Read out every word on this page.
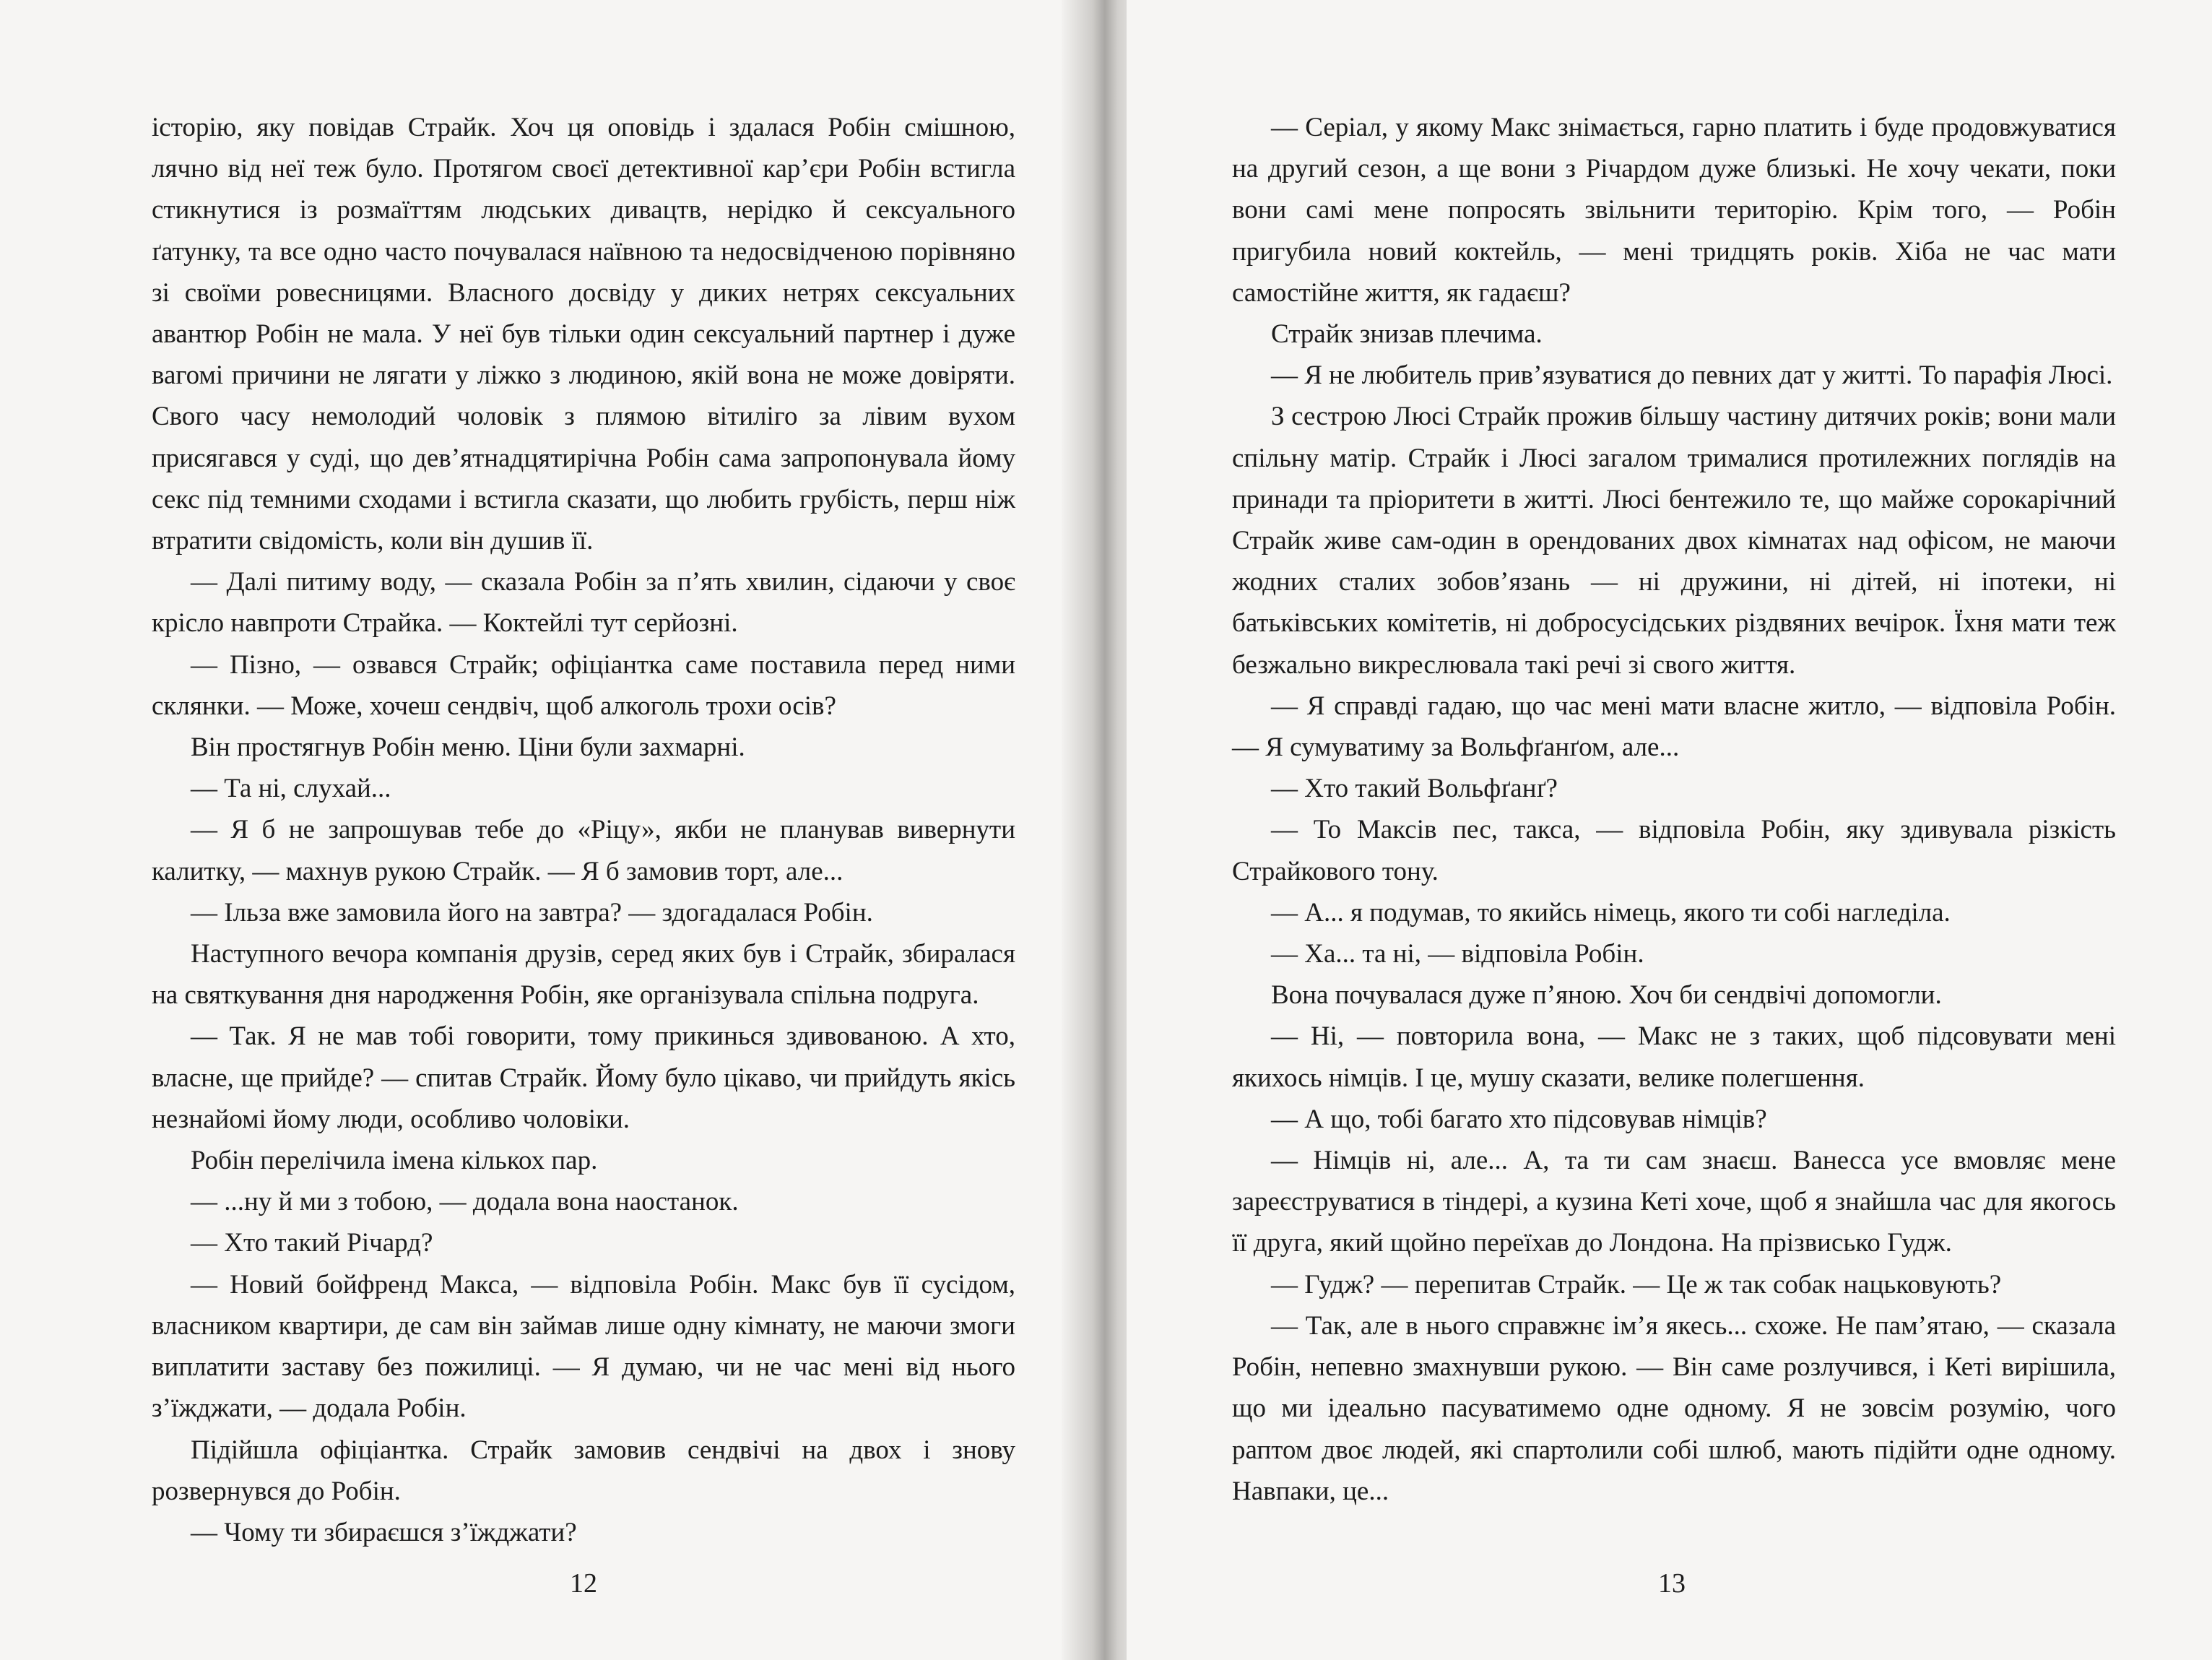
історію, яку повідав Страйк. Хоч ця оповідь і здалася Робін смішною, лячно від неї теж було. Протягом своєї детективної кар’єри Робін встигла стикнутися із розмаїттям людських дивацтв, нерідко й сексуального ґатунку, та все одно часто почувалася наївною та недосвідченою порівняно зі своїми ровесницями. Власного досвіду у диких нетрях сексуальних авантюр Робін не мала. У неї був тільки один сексуальний партнер і дуже вагомі причини не лягати у ліжко з людиною, якій вона не може довіряти. Свого часу немолодий чоловік з плямою вітиліго за лівим вухом присягався у суді, що дев’ятнадцятирічна Робін сама запропонувала йому секс під темними сходами і встигла сказати, що любить грубість, перш ніж втратити свідомість, коли він душив її.

— Далі питиму воду, — сказала Робін за п’ять хвилин, сідаючи у своє крісло навпроти Страйка. — Коктейлі тут серйозні.

— Пізно, — озвався Страйк; офіціантка саме поставила перед ними склянки. — Може, хочеш сендвіч, щоб алкоголь трохи осів?

Він простягнув Робін меню. Ціни були захмарні.

— Та ні, слухай...

— Я б не запрошував тебе до «Ріцу», якби не планував вивернути калитку, — махнув рукою Страйк. — Я б замовив торт, але...

— Ільза вже замовила його на завтра? — здогадалася Робін.

Наступного вечора компанія друзів, серед яких був і Страйк, збиралася на святкування дня народження Робін, яке організувала спільна подруга.

— Так. Я не мав тобі говорити, тому прикинься здивованою. А хто, власне, ще прийде? — спитав Страйк. Йому було цікаво, чи прийдуть якісь незнайомі йому люди, особливо чоловіки.

Робін перелічила імена кількох пар.

— ...ну й ми з тобою, — додала вона наостанок.

— Хто такий Річард?

— Новий бойфренд Макса, — відповіла Робін. Макс був її сусідом, власником квартири, де сам він займав лише одну кімнату, не маючи змоги виплатити заставу без пожилиці. — Я думаю, чи не час мені від нього з’їжджати, — додала Робін.

Підійшла офіціантка. Страйк замовив сендвічі на двох і знову розвернувся до Робін.

— Чому ти збираєшся з’їжджати?

12

— Серіал, у якому Макс знімається, гарно платить і буде продовжуватися на другий сезон, а ще вони з Річардом дуже близькі. Не хочу чекати, поки вони самі мене попросять звільнити територію. Крім того, — Робін пригубила новий коктейль, — мені тридцять років. Хіба не час мати самостійне життя, як гадаєш?

Страйк знизав плечима.

— Я не любитель прив’язуватися до певних дат у житті. То парафія Люсі.

З сестрою Люсі Страйк прожив більшу частину дитячих років; вони мали спільну матір. Страйк і Люсі загалом трималися протилежних поглядів на принади та пріоритети в житті. Люсі бентежило те, що майже сорокарічний Страйк живе сам-один в орендованих двох кімнатах над офісом, не маючи жодних сталих зобов’язань — ні дружини, ні дітей, ні іпотеки, ні батьківських комітетів, ні добросусідських різдвяних вечірок. Їхня мати теж безжально викреслювала такі речі зі свого життя.

— Я справді гадаю, що час мені мати власне житло, — відповіла Робін. — Я сумуватиму за Вольфґанґом, але...

— Хто такий Вольфґанґ?

— То Максів пес, такса, — відповіла Робін, яку здивувала різкість Страйкового тону.

— А... я подумав, то якийсь німець, якого ти собі нагледіла.

— Ха... та ні, — відповіла Робін.

Вона почувалася дуже п’яною. Хоч би сендвічі допомогли.

— Ні, — повторила вона, — Макс не з таких, щоб підсовувати мені якихось німців. І це, мушу сказати, велике полегшення.

— А що, тобі багато хто підсовував німців?

— Німців ні, але... А, та ти сам знаєш. Ванесса усе вмовляє мене зареєструватися в тіндері, а кузина Кеті хоче, щоб я знайшла час для якогось її друга, який щойно переїхав до Лондона. На прізвисько Гудж.

— Гудж? — перепитав Страйк. — Це ж так собак нацьковують?

— Так, але в нього справжнє ім’я якесь... схоже. Не пам’ятаю, — сказала Робін, непевно змахнувши рукою. — Він саме розлучився, і Кеті вирішила, що ми ідеально пасуватимемо одне одному. Я не зовсім розумію, чого раптом двоє людей, які спартолили собі шлюб, мають підійти одне одному. Навпаки, це...

13
